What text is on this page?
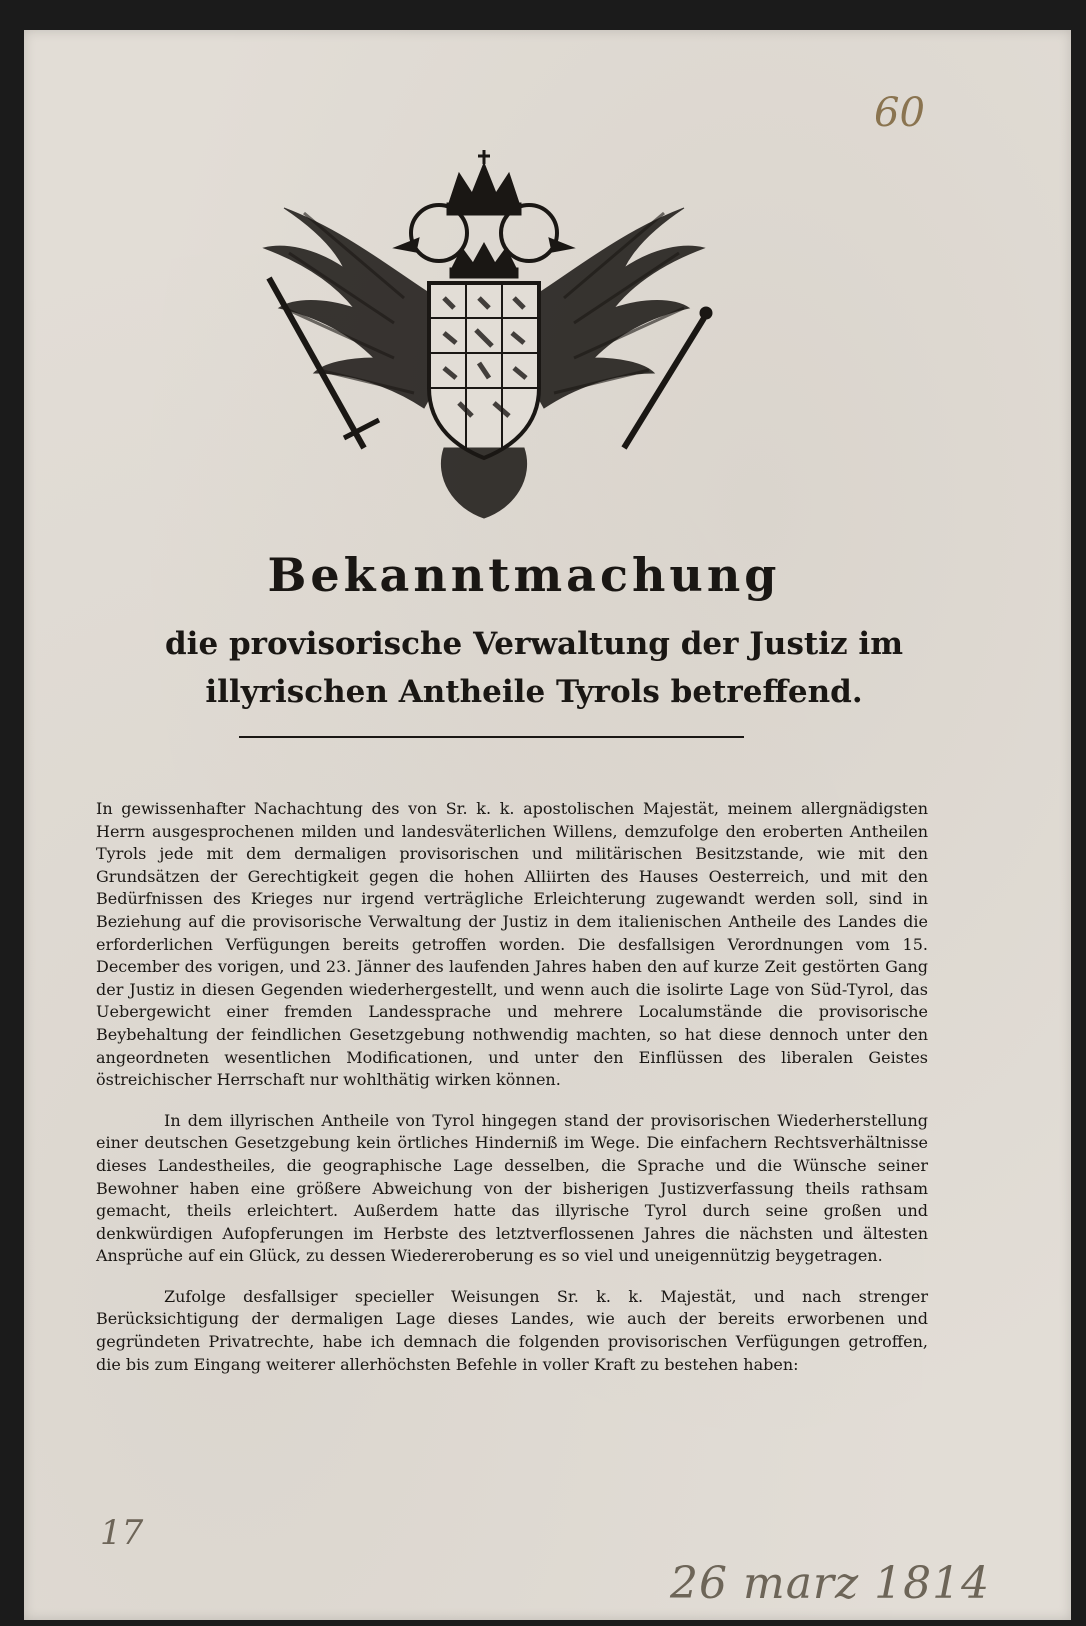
60
Bekanntmachung
die provisorische Verwaltung der Justiz im illyrischen Antheile Tyrols betreffend.

In gewissenhafter Nachachtung des von Sr. k. k. apostolischen Majestät, meinem allergnädigsten Herrn ausgesprochenen milden und landesväterlichen Willens, demzufolge den eroberten Antheilen Tyrols jede mit dem dermaligen provisorischen und militärischen Besitzstande, wie mit den Grundsätzen der Gerechtigkeit gegen die hohen Alliirten des Hauses Oesterreich, und mit den Bedürfnissen des Krieges nur irgend verträgliche Erleichterung zugewandt werden soll, sind in Beziehung auf die provisorische Verwaltung der Justiz in dem italienischen Antheile des Landes die erforderlichen Verfügungen bereits getroffen worden. Die desfallsigen Verordnungen vom 15. December des vorigen, und 23. Jänner des laufenden Jahres haben den auf kurze Zeit gestörten Gang der Justiz in diesen Gegenden wiederhergestellt, und wenn auch die isolirte Lage von Süd-Tyrol, das Uebergewicht einer fremden Landessprache und mehrere Localumstände die provisorische Beybehaltung der feindlichen Gesetzgebung nothwendig machten, so hat diese dennoch unter den angeordneten wesentlichen Modificationen, und unter den Einflüssen des liberalen Geistes östreichischer Herrschaft nur wohlthätig wirken können.

In dem illyrischen Antheile von Tyrol hingegen stand der provisorischen Wiederherstellung einer deutschen Gesetzgebung kein örtliches Hinderniß im Wege. Die einfachern Rechtsverhältnisse dieses Landestheiles, die geographische Lage desselben, die Sprache und die Wünsche seiner Bewohner haben eine größere Abweichung von der bisherigen Justizverfassung theils rathsam gemacht, theils erleichtert. Außerdem hatte das illyrische Tyrol durch seine großen und denkwürdigen Aufopferungen im Herbste des letztverflossenen Jahres die nächsten und ältesten Ansprüche auf ein Glück, zu dessen Wiedereroberung es so viel und uneigennützig beygetragen.

Zufolge desfallsiger specieller Weisungen Sr. k. k. Majestät, und nach strenger Berücksichtigung der dermaligen Lage dieses Landes, wie auch der bereits erworbenen und gegründeten Privatrechte, habe ich demnach die folgenden provisorischen Verfügungen getroffen, die bis zum Eingang weiterer allerhöchsten Befehle in voller Kraft zu bestehen haben:

17
26 marz 1814
